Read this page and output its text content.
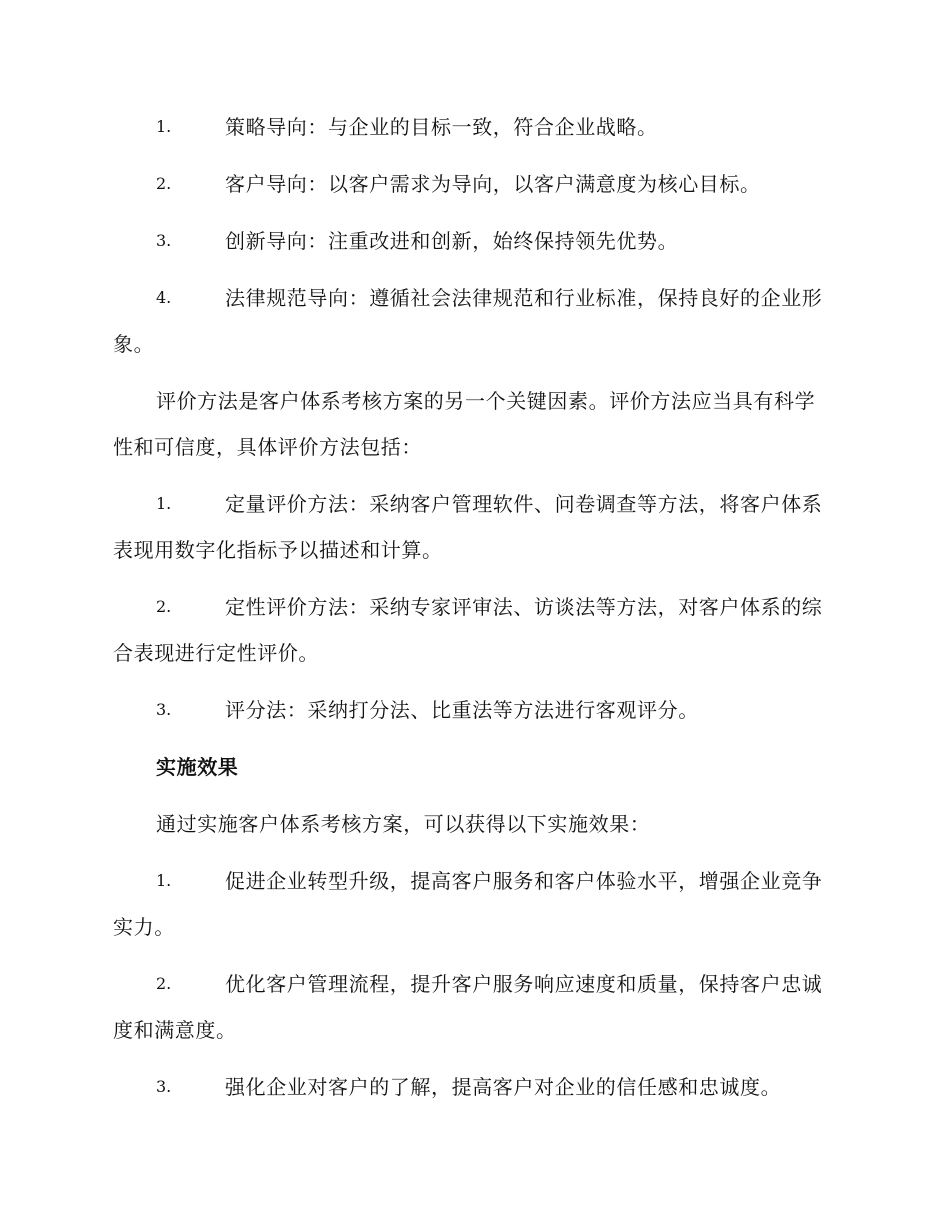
1.	策略导向：与企业的目标一致，符合企业战略。
2.	客户导向：以客户需求为导向，以客户满意度为核心目标。
3.	创新导向：注重改进和创新，始终保持领先优势。
4.	法律规范导向：遵循社会法律规范和行业标准，保持良好的企业形象。
评价方法是客户体系考核方案的另一个关键因素。评价方法应当具有科学性和可信度，具体评价方法包括：
1.	定量评价方法：采纳客户管理软件、问卷调查等方法，将客户体系表现用数字化指标予以描述和计算。
2.	定性评价方法：采纳专家评审法、访谈法等方法，对客户体系的综合表现进行定性评价。
3.	评分法：采纳打分法、比重法等方法进行客观评分。
实施效果
通过实施客户体系考核方案，可以获得以下实施效果：
1.	促进企业转型升级，提高客户服务和客户体验水平，增强企业竞争实力。
2.	优化客户管理流程，提升客户服务响应速度和质量，保持客户忠诚度和满意度。
3.	强化企业对客户的了解，提高客户对企业的信任感和忠诚度。
